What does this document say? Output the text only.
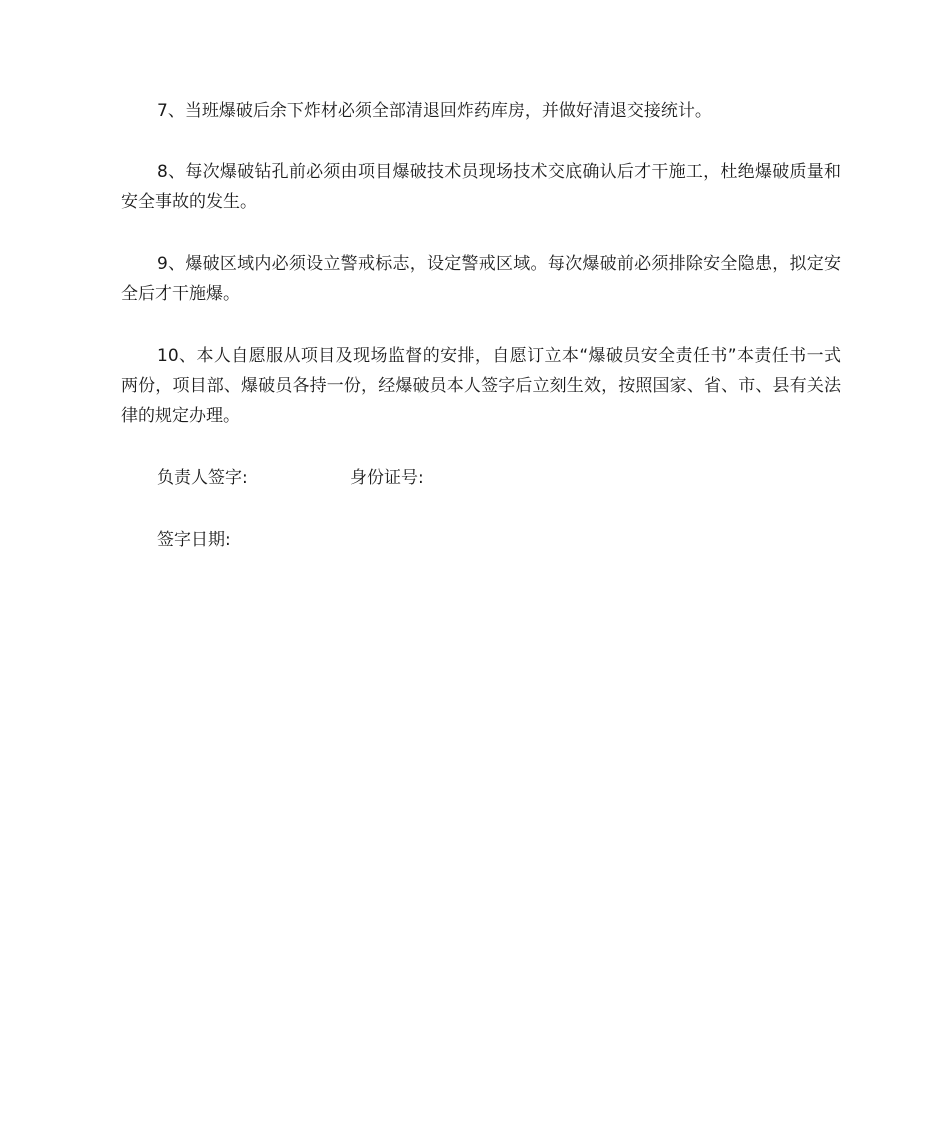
7、当班爆破后余下炸材必须全部清退回炸药库房，并做好清退交接统计。

8、每次爆破钻孔前必须由项目爆破技术员现场技术交底确认后才干施工，杜绝爆破质量和安全事故的发生。

9、爆破区域内必须设立警戒标志，设定警戒区域。每次爆破前必须排除安全隐患，拟定安全后才干施爆。

10、本人自愿服从项目及现场监督的安排，自愿订立本“爆破员安全责任书”本责任书一式两份，项目部、爆破员各持一份，经爆破员本人签字后立刻生效，按照国家、省、市、县有关法律的规定办理。

负责人签字:	身份证号:
签字日期:
